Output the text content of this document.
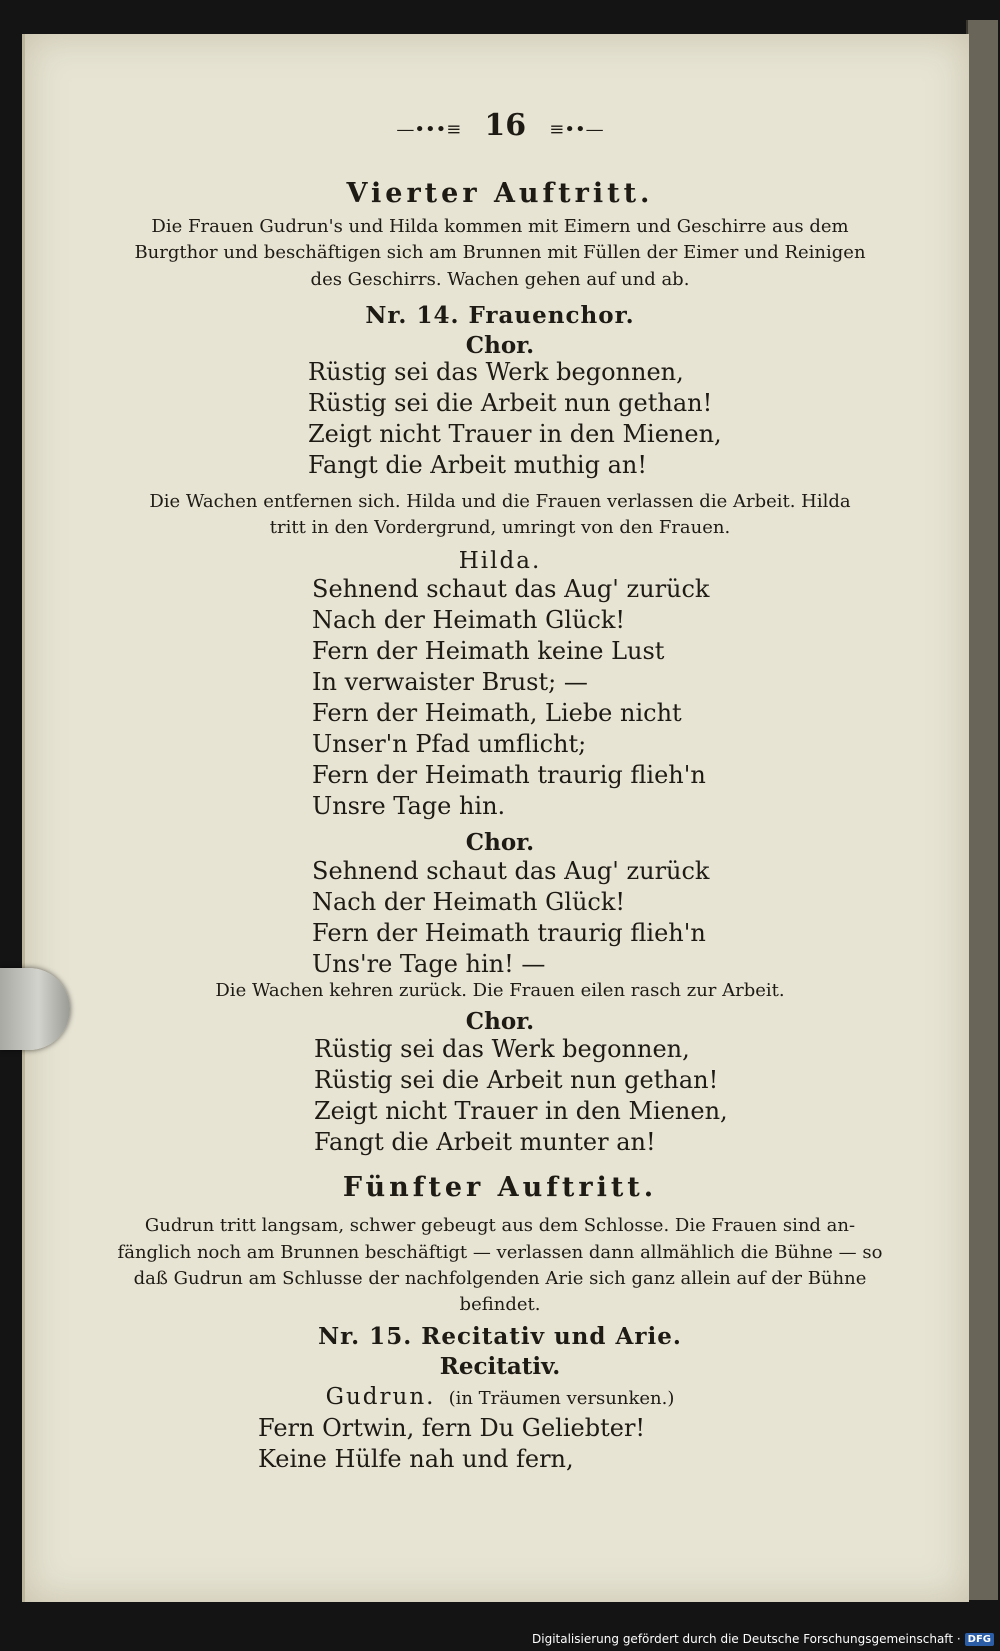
—•••≡ 16 ≡••—
Vierter Auftritt.
Die Frauen Gudrun's und Hilda kommen mit Eimern und Geschirre aus dem
Burgthor und beschäftigen sich am Brunnen mit Füllen der Eimer und Reinigen
des Geschirrs. Wachen gehen auf und ab.
Nr. 14. Frauenchor.
Chor.
Rüstig sei das Werk begonnen,
Rüstig sei die Arbeit nun gethan!
Zeigt nicht Trauer in den Mienen,
Fangt die Arbeit muthig an!
Die Wachen entfernen sich. Hilda und die Frauen verlassen die Arbeit. Hilda
tritt in den Vordergrund, umringt von den Frauen.
Hilda.
Sehnend schaut das Aug' zurück
Nach der Heimath Glück!
Fern der Heimath keine Lust
In verwaister Brust; —
Fern der Heimath, Liebe nicht
Unser'n Pfad umflicht;
Fern der Heimath traurig flieh'n
Unsre Tage hin.
Chor.
Sehnend schaut das Aug' zurück
Nach der Heimath Glück!
Fern der Heimath traurig flieh'n
Uns're Tage hin! —
Die Wachen kehren zurück. Die Frauen eilen rasch zur Arbeit.
Chor.
Rüstig sei das Werk begonnen,
Rüstig sei die Arbeit nun gethan!
Zeigt nicht Trauer in den Mienen,
Fangt die Arbeit munter an!
Fünfter Auftritt.
Gudrun tritt langsam, schwer gebeugt aus dem Schlosse. Die Frauen sind an-
fänglich noch am Brunnen beschäftigt — verlassen dann allmählich die Bühne — so
daß Gudrun am Schlusse der nachfolgenden Arie sich ganz allein auf der Bühne
befindet.
Nr. 15. Recitativ und Arie.
Recitativ.
Gudrun. (in Träumen versunken.)
Fern Ortwin, fern Du Geliebter!
Keine Hülfe nah und fern,
Digitalisierung gefördert durch die Deutsche Forschungsgemeinschaft · DFG
